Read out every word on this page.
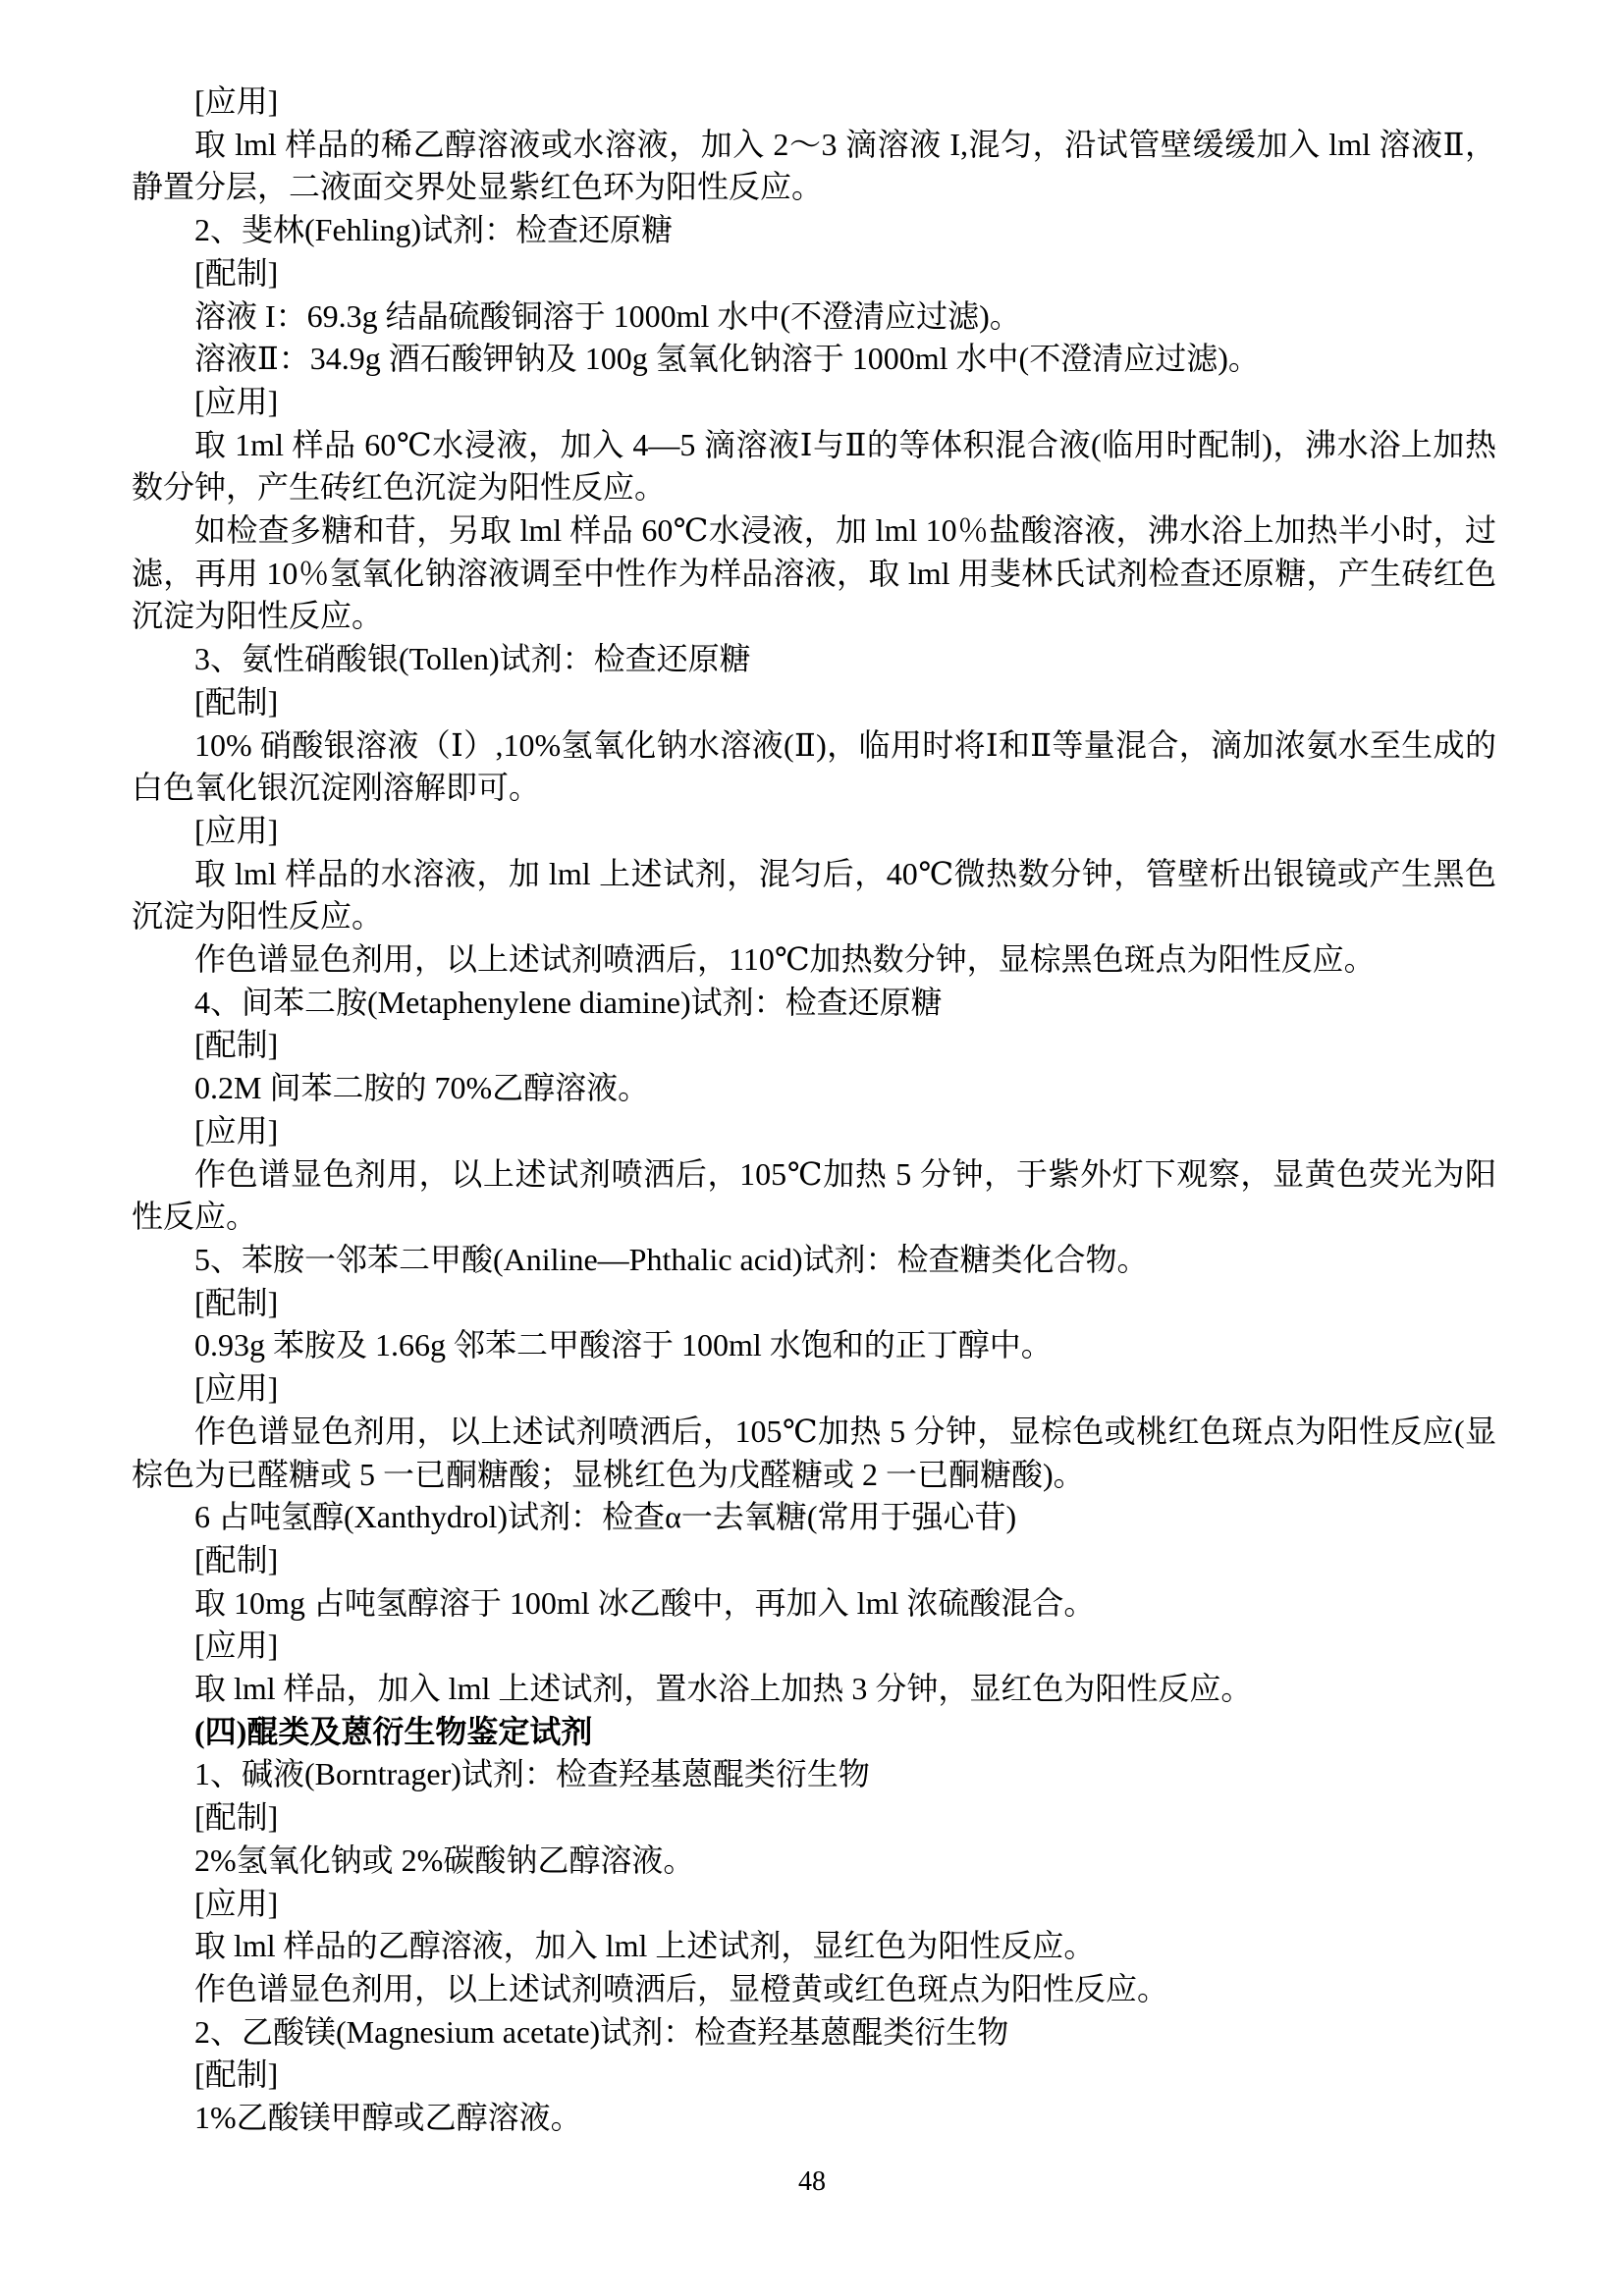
[应用]

取 lml 样品的稀乙醇溶液或水溶液，加入 2～3 滴溶液 I,混匀，沿试管壁缓缓加入 lml 溶液Ⅱ，静置分层，二液面交界处显紫红色环为阳性反应。

2、斐林(Fehling)试剂：检查还原糖

[配制]

溶液 I：69.3g 结晶硫酸铜溶于 1000ml 水中(不澄清应过滤)。

溶液Ⅱ：34.9g 酒石酸钾钠及 100g 氢氧化钠溶于 1000ml 水中(不澄清应过滤)。

[应用]

取 1ml 样品 60℃水浸液，加入 4—5 滴溶液Ⅰ与Ⅱ的等体积混合液(临用时配制)，沸水浴上加热数分钟，产生砖红色沉淀为阳性反应。

如检查多糖和苷，另取 lml 样品 60℃水浸液，加 lml 10％盐酸溶液，沸水浴上加热半小时，过滤，再用 10％氢氧化钠溶液调至中性作为样品溶液，取 lml 用斐林氏试剂检查还原糖，产生砖红色沉淀为阳性反应。

3、氨性硝酸银(Tollen)试剂：检查还原糖

[配制]

10% 硝酸银溶液（Ⅰ）,10%氢氧化钠水溶液(Ⅱ)，临用时将Ⅰ和Ⅱ等量混合，滴加浓氨水至生成的白色氧化银沉淀刚溶解即可。

[应用]

取 lml 样品的水溶液，加 lml 上述试剂，混匀后，40℃微热数分钟，管壁析出银镜或产生黑色沉淀为阳性反应。

作色谱显色剂用，以上述试剂喷洒后，110℃加热数分钟，显棕黑色斑点为阳性反应。

4、间苯二胺(Metaphenylene diamine)试剂：检查还原糖

[配制]

0.2M 间苯二胺的 70%乙醇溶液。

[应用]

作色谱显色剂用，以上述试剂喷洒后，105℃加热 5 分钟，于紫外灯下观察，显黄色荧光为阳性反应。

5、苯胺一邻苯二甲酸(Aniline—Phthalic acid)试剂：检查糖类化合物。

[配制]

0.93g 苯胺及 1.66g 邻苯二甲酸溶于 100ml 水饱和的正丁醇中。

[应用]

作色谱显色剂用，以上述试剂喷洒后，105℃加热 5 分钟，显棕色或桃红色斑点为阳性反应(显棕色为已醛糖或 5 一已酮糖酸；显桃红色为戊醛糖或 2 一已酮糖酸)。

6 占吨氢醇(Xanthydrol)试剂：检查α一去氧糖(常用于强心苷)

[配制]

取 10mg 占吨氢醇溶于 100ml 冰乙酸中，再加入 lml 浓硫酸混合。

[应用]

取 lml 样品，加入 lml 上述试剂，置水浴上加热 3 分钟，显红色为阳性反应。

(四)醌类及蒽衍生物鉴定试剂

1、碱液(Borntrager)试剂：检查羟基蒽醌类衍生物

[配制]

2%氢氧化钠或 2%碳酸钠乙醇溶液。

[应用]

取 lml 样品的乙醇溶液，加入 lml 上述试剂，显红色为阳性反应。

作色谱显色剂用，以上述试剂喷洒后，显橙黄或红色斑点为阳性反应。

2、乙酸镁(Magnesium acetate)试剂：检查羟基蒽醌类衍生物

[配制]

1%乙酸镁甲醇或乙醇溶液。

48
